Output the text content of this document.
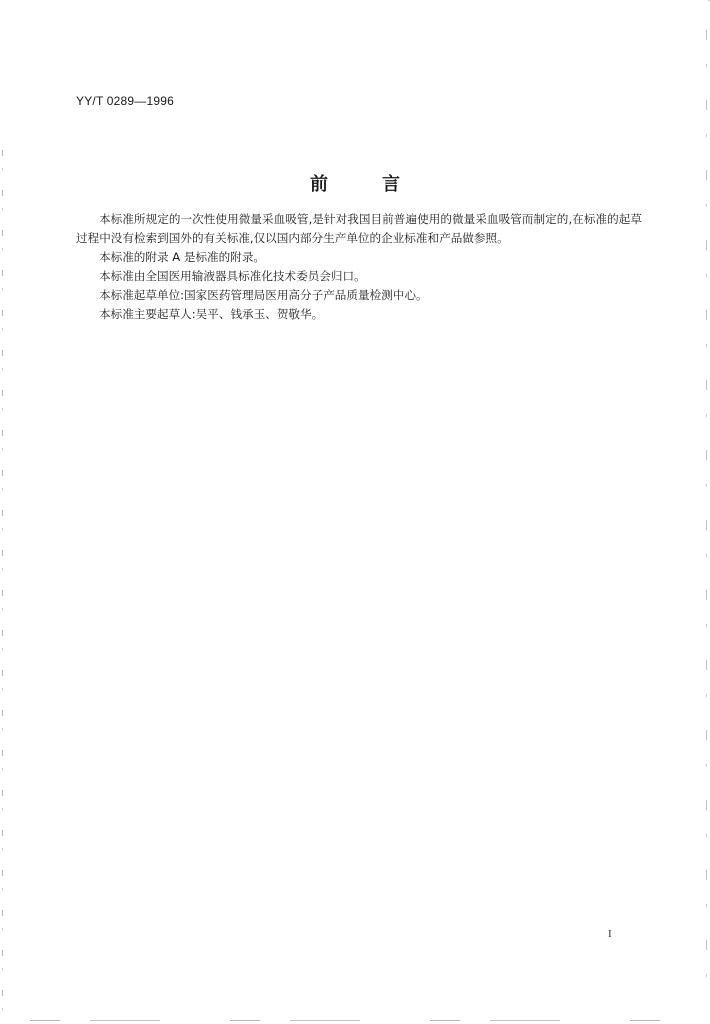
YY/T 0289—1996
前	言

本标准所规定的一次性使用微量采血吸管,是针对我国目前普遍使用的微量采血吸管而制定的,在标准的起草过程中没有检索到国外的有关标准,仅以国内部分生产单位的企业标准和产品做参照。

本标准的附录 A 是标准的附录。

本标准由全国医用输液器具标准化技术委员会归口。

本标准起草单位:国家医药管理局医用高分子产品质量检测中心。

本标准主要起草人:吴平、钱承玉、贺敬华。

I
